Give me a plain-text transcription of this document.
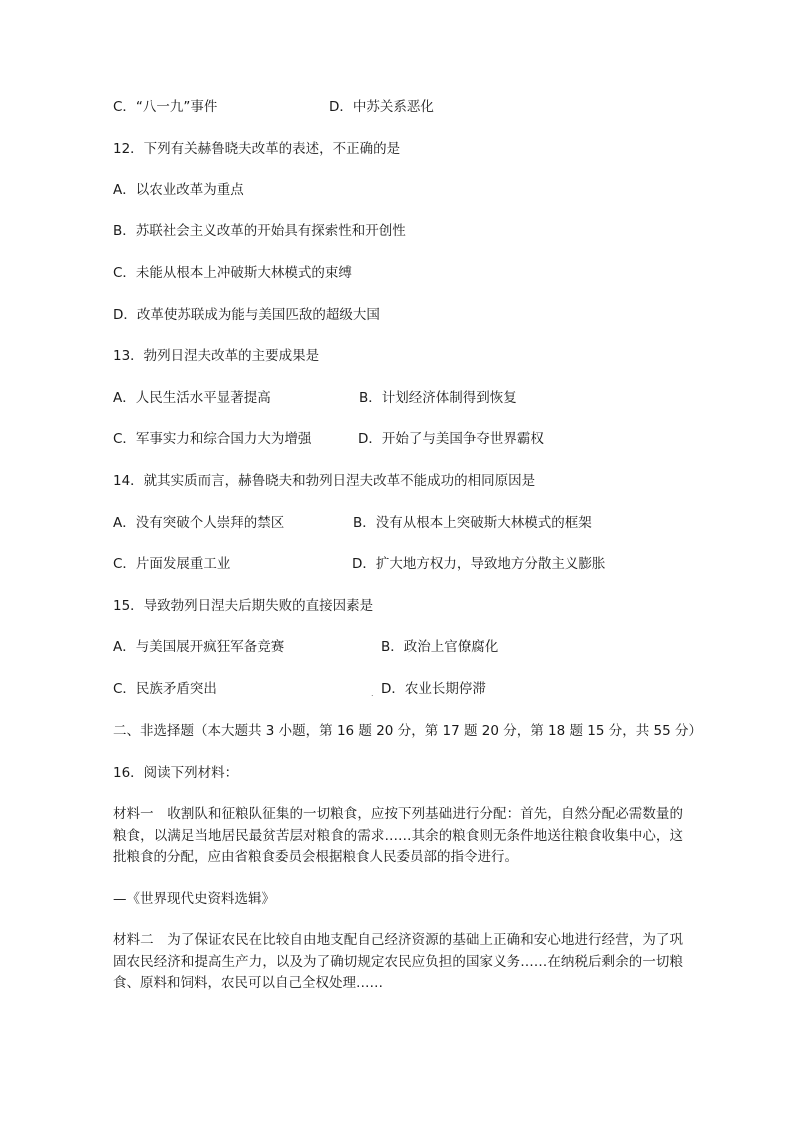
C．“八一九”事件	D．中苏关系恶化
12．下列有关赫鲁晓夫改革的表述，不正确的是
A．以农业改革为重点
B．苏联社会主义改革的开始具有探索性和开创性
C．未能从根本上冲破斯大林模式的束缚
D．改革使苏联成为能与美国匹敌的超级大国
13．勃列日涅夫改革的主要成果是
A．人民生活水平显著提高	B．计划经济体制得到恢复
C．军事实力和综合国力大为增强	D．开始了与美国争夺世界霸权
14．就其实质而言，赫鲁晓夫和勃列日涅夫改革不能成功的相同原因是
A．没有突破个人崇拜的禁区	B．没有从根本上突破斯大林模式的框架
C．片面发展重工业	D．扩大地方权力，导致地方分散主义膨胀
15．导致勃列日涅夫后期失败的直接因素是
A．与美国展开疯狂军备竞赛	B．政治上官僚腐化
C．民族矛盾突出	. D．农业长期停滞
二、非选择题（本大题共 3 小题，第 16 题 20 分，第 17 题 20 分，第 18 题 15 分，共 55 分）
16．阅读下列材料：
材料一　收割队和征粮队征集的一切粮食，应按下列基础进行分配：首先，自然分配必需数量的粮食，以满足当地居民最贫苦层对粮食的需求……其余的粮食则无条件地送往粮食收集中心，这批粮食的分配，应由省粮食委员会根据粮食人民委员部的指令进行。
—《世界现代史资料选辑》
材料二　为了保证农民在比较自由地支配自己经济资源的基础上正确和安心地进行经营，为了巩固农民经济和提高生产力，以及为了确切规定农民应负担的国家义务……在纳税后剩余的一切粮食、原料和饲料，农民可以自己全权处理……
